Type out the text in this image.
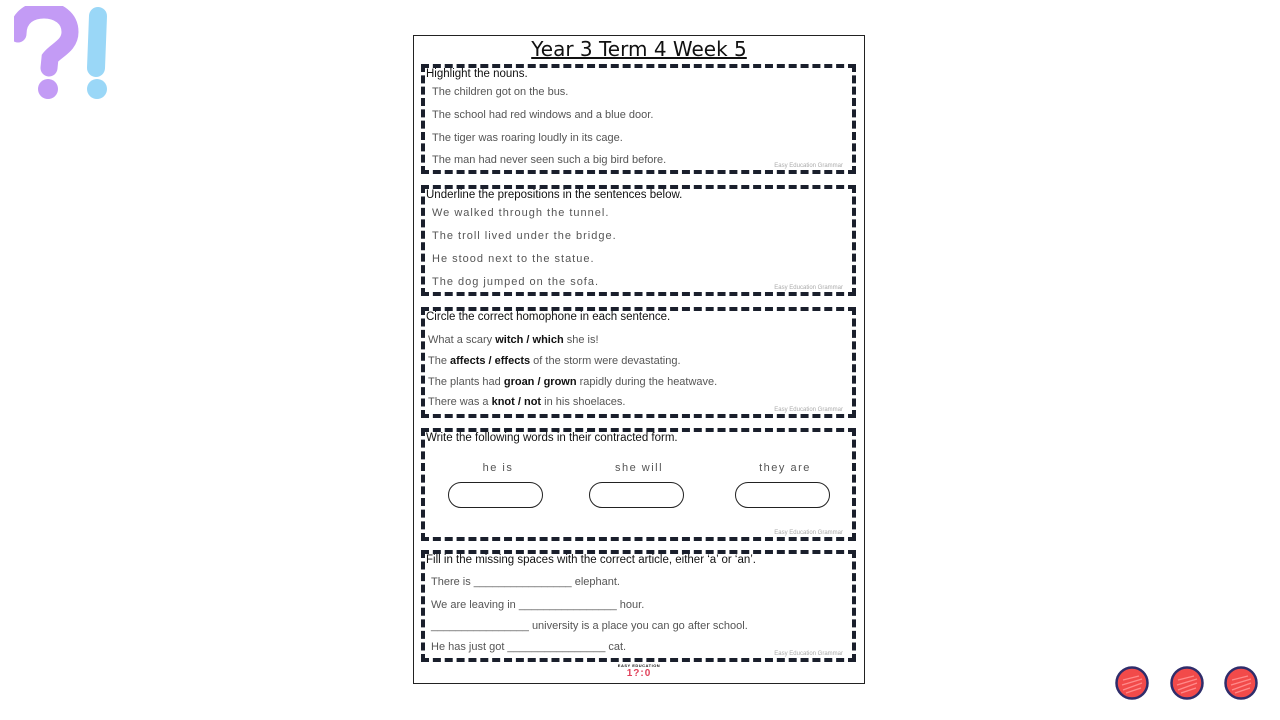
Year 3 Term 4 Week 5
Highlight the nouns.
The children got on the bus.
The school had red windows and a blue door.
The tiger was roaring loudly in its cage.
The man had never seen such a big bird before.	Easy Education Grammar
Underline the prepositions in the sentences below.
We walked through the tunnel.
The troll lived under the bridge.
He stood next to the statue.
The dog jumped on the sofa.	Easy Education Grammar
Circle the correct homophone in each sentence.
What a scary witch / which she is!
The affects / effects of the storm were devastating.
The plants had groan / grown rapidly during the heatwave.
There was a knot / not in his shoelaces.
Easy Education Grammar
Write the following words in their contracted form.
he is	she will	they are
Easy Education Grammar
Fill in the missing spaces with the correct article, either ‘a’ or ‘an’.
There is ________________ elephant.
We are leaving in ________________ hour.
________________ university is a place you can go after school.
He has just got ________________ cat.
Easy Education Grammar
EASY EDUCATION
1?:0
